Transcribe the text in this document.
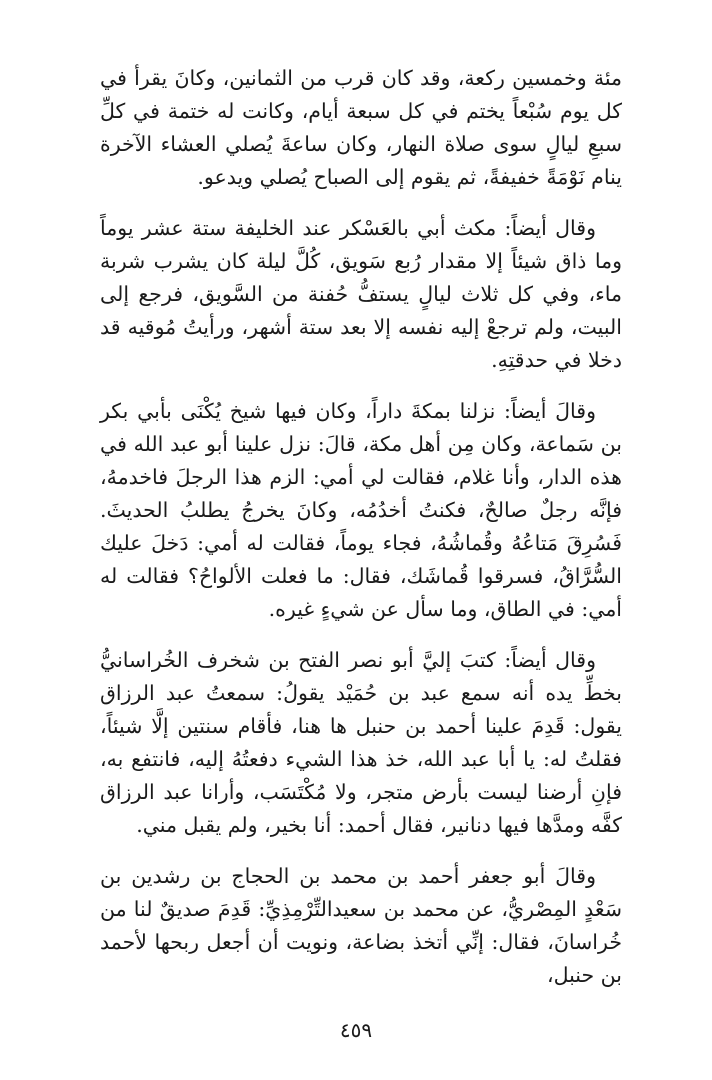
مئة وخمسين ركعة، وقد كان قرب من الثمانين، وكانَ يقرأ في كل يوم سُبْعاً يختم في كل سبعة أيام، وكانت له ختمة في كلِّ سبعِ ليالٍ سوى صلاة النهار، وكان ساعةَ يُصلي العشاء الآخرة ينام نَوْمَةً خفيفةً، ثم يقوم إلى الصباح يُصلي ويدعو.

وقال أيضاً: مكث أبي بالعَسْكر عند الخليفة ستة عشر يوماً وما ذاق شيئاً إلا مقدار رُبع سَويق، كُلَّ ليلة كان يشرب شربة ماء، وفي كل ثلاث ليالٍ يستفُّ حُفنة من السَّويق، فرجع إلى البيت، ولم ترجعْ إليه نفسه إلا بعد ستة أشهر، ورأيتُ مُوقيه قد دخلا في حدقتِهِ.

وقالَ أيضاً: نزلنا بمكةَ داراً، وكان فيها شيخ يُكْنَى بأبي بكر بن سَماعة، وكان مِن أهل مكة، قالَ: نزل علينا أبو عبد الله في هذه الدار، وأنا غلام، فقالت لي أمي: الزم هذا الرجلَ فاخدمهُ، فإنَّه رجلٌ صالحٌ، فكنتُ أخدُمُه، وكانَ يخرجُ يطلبُ الحديثَ. فَسُرِقَ مَتاعُهُ وقُماشُهُ، فجاء يوماً، فقالت له أمي: دَخلَ عليك السُّرَّاقُ، فسرقوا قُماشَك، فقال: ما فعلت الألواحُ؟ فقالت له أمي: في الطاق، وما سأل عن شيءٍ غيره.

وقال أيضاً: كتبَ إليَّ أبو نصر الفتح بن شخرف الخُراسانيُّ بخطِّ يده أنه سمع عبد بن حُمَيْد يقولُ: سمعتُ عبد الرزاق يقول: قَدِمَ علينا أحمد بن حنبل ها هنا، فأقام سنتين إلَّا شيئاً، فقلتُ له: يا أبا عبد الله، خذ هذا الشيء دفعتُهُ إليه، فانتفع به، فإنِ أرضنا ليست بأرض متجر، ولا مُكْتَسَب، وأرانا عبد الرزاق كفَّه ومدَّها فيها دنانير، فقال أحمد: أنا بخير، ولم يقبل مني.

وقالَ أبو جعفر أحمد بن محمد بن الحجاج بن رشدين بن سَعْدٍ المِصْريُّ، عن محمد بن سعيدالتِّرْمِذِيِّ: قَدِمَ صديقٌ لنا من خُراسانَ، فقال: إنِّي أتخذ بضاعة، ونويت أن أجعل ربحها لأحمد بن حنبل،

٤٥٩
